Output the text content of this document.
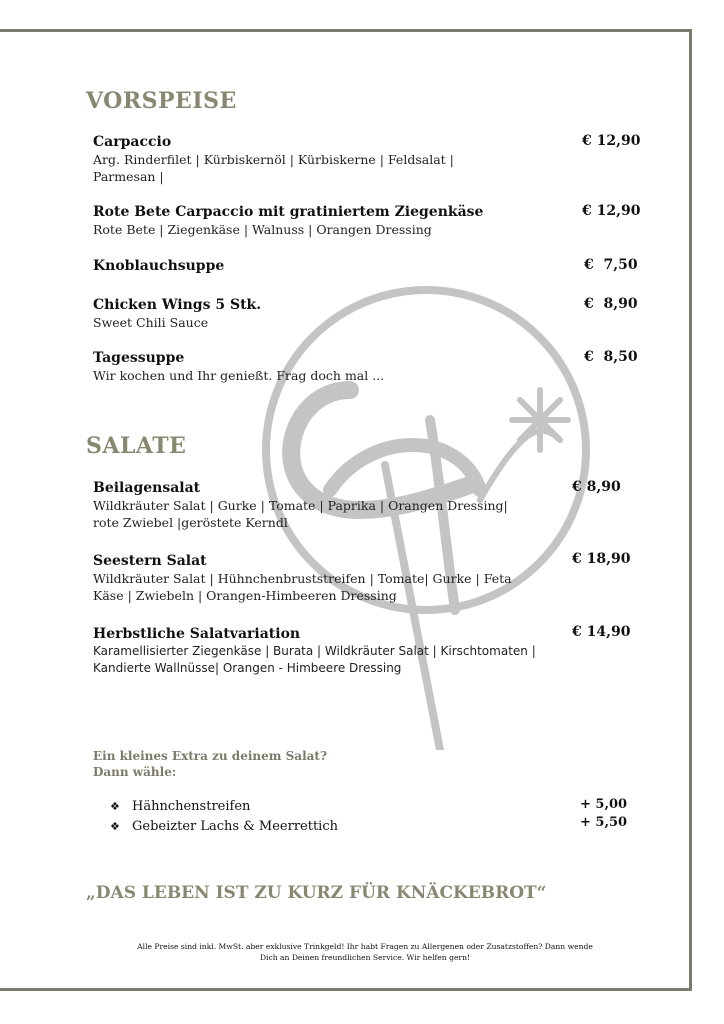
VORSPEISE
Carpaccio
Arg. Rinderfilet | Kürbiskernöl | Kürbiskerne | Feldsalat | Parmesan |
€ 12,90
Rote Bete Carpaccio mit gratiniertem Ziegenkäse
Rote Bete | Ziegenkäse | Walnuss | Orangen Dressing
€ 12,90
Knoblauchsuppe	€  7,50
Chicken Wings 5 Stk.
Sweet Chili Sauce
€  8,90
Tagessuppe
Wir kochen und Ihr genießt. Frag doch mal ...
€  8,50
SALATE
Beilagensalat
Wildkräuter Salat | Gurke | Tomate | Paprika | Orangen Dressing| rote Zwiebel |geröstete Kerndl
€ 8,90
Seestern Salat
Wildkräuter Salat | Hühnchenbruststreifen | Tomate| Gurke | Feta Käse | Zwiebeln | Orangen-Himbeeren Dressing
€ 18,90
Herbstliche Salatvariation
Karamellisierter Ziegenkäse | Burata | Wildkräuter Salat | Kirschtomaten | Kandierte Wallnüsse| Orangen - Himbeere Dressing
€ 14,90
Ein kleines Extra zu deinem Salat?
Dann wähle:
❖ Hähnchenstreifen
❖ Gebeizter Lachs & Meerrettich
+ 5,00
+ 5,50
„DAS LEBEN IST ZU KURZ FÜR KNÄCKEBROT“
Alle Preise sind inkl. MwSt. aber exklusive Trinkgeld! Ihr habt Fragen zu Allergenen oder Zusatzstoffen? Dann wende
Dich an Deinen freundlichen Service. Wir helfen gern!
